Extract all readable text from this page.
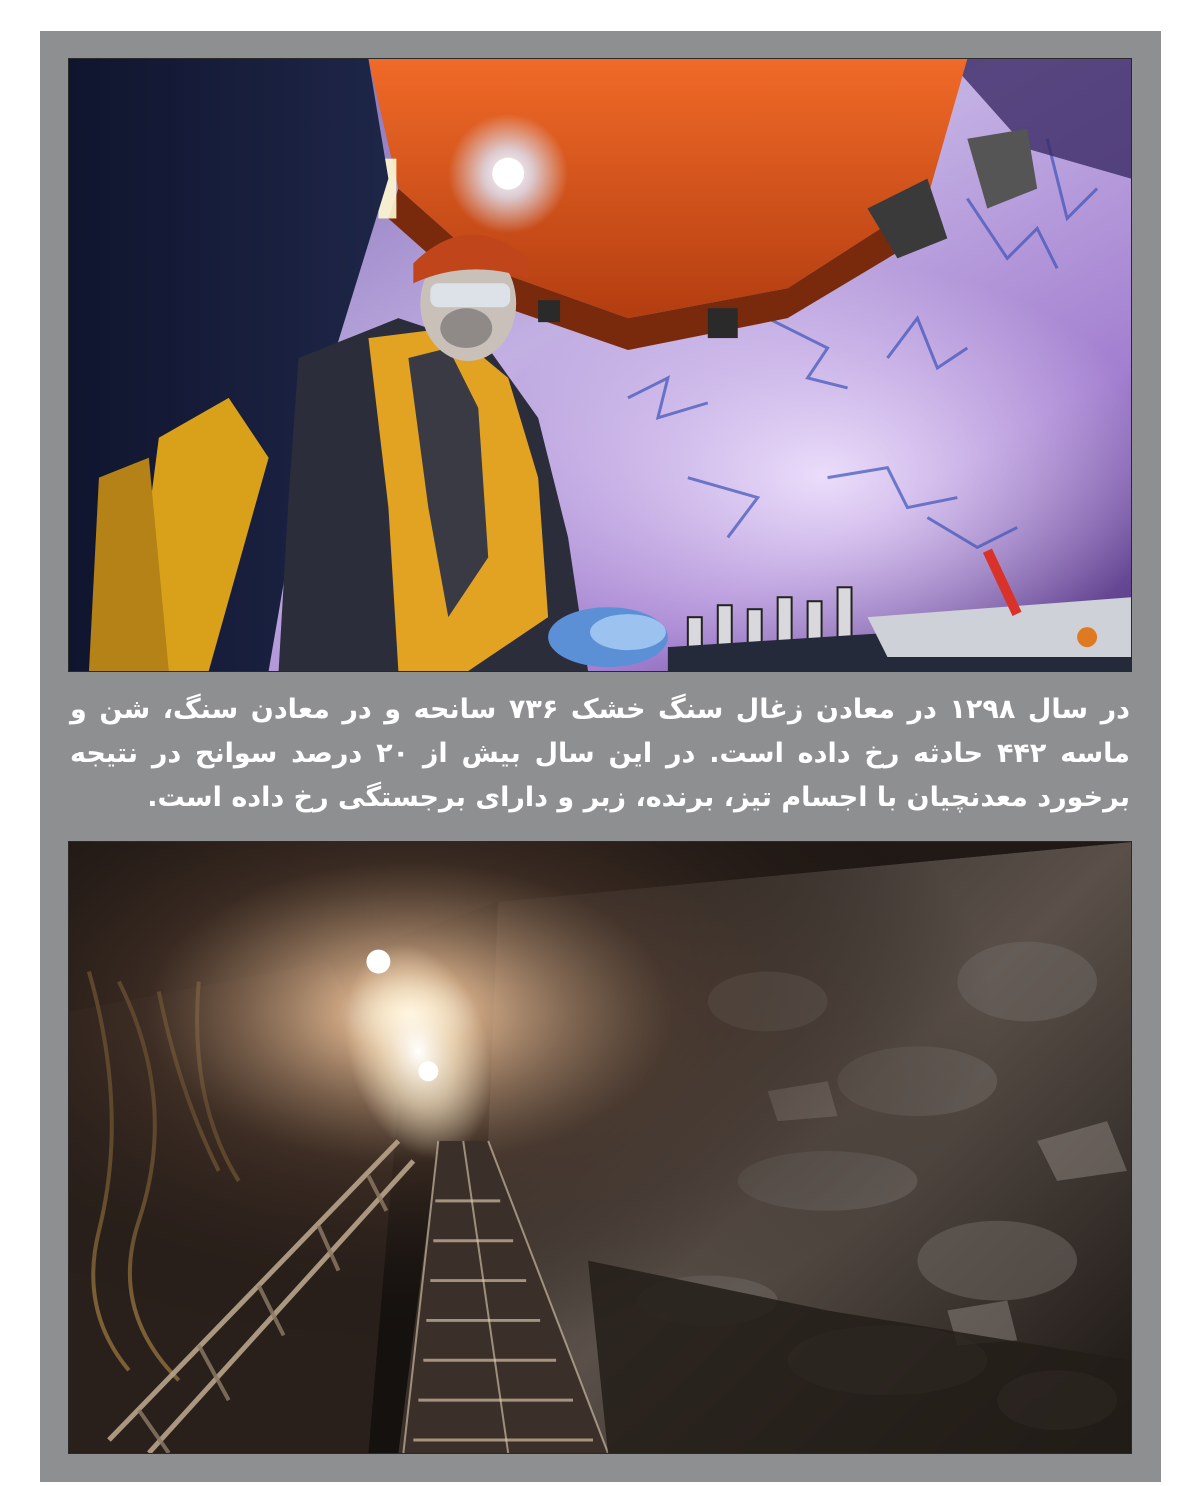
در سال ۱۲۹۸ در معادن زغال سنگ خشک ۷۳۶ سانحه و در معادن سنگ، شن و ماسه ۴۴۲ حادثه رخ داده است. در این سال بیش از ۲۰ درصد سوانح در نتیجه برخورد معدنچیان با اجسام تیز، برنده، زبر و دارای برجستگی رخ داده است.
